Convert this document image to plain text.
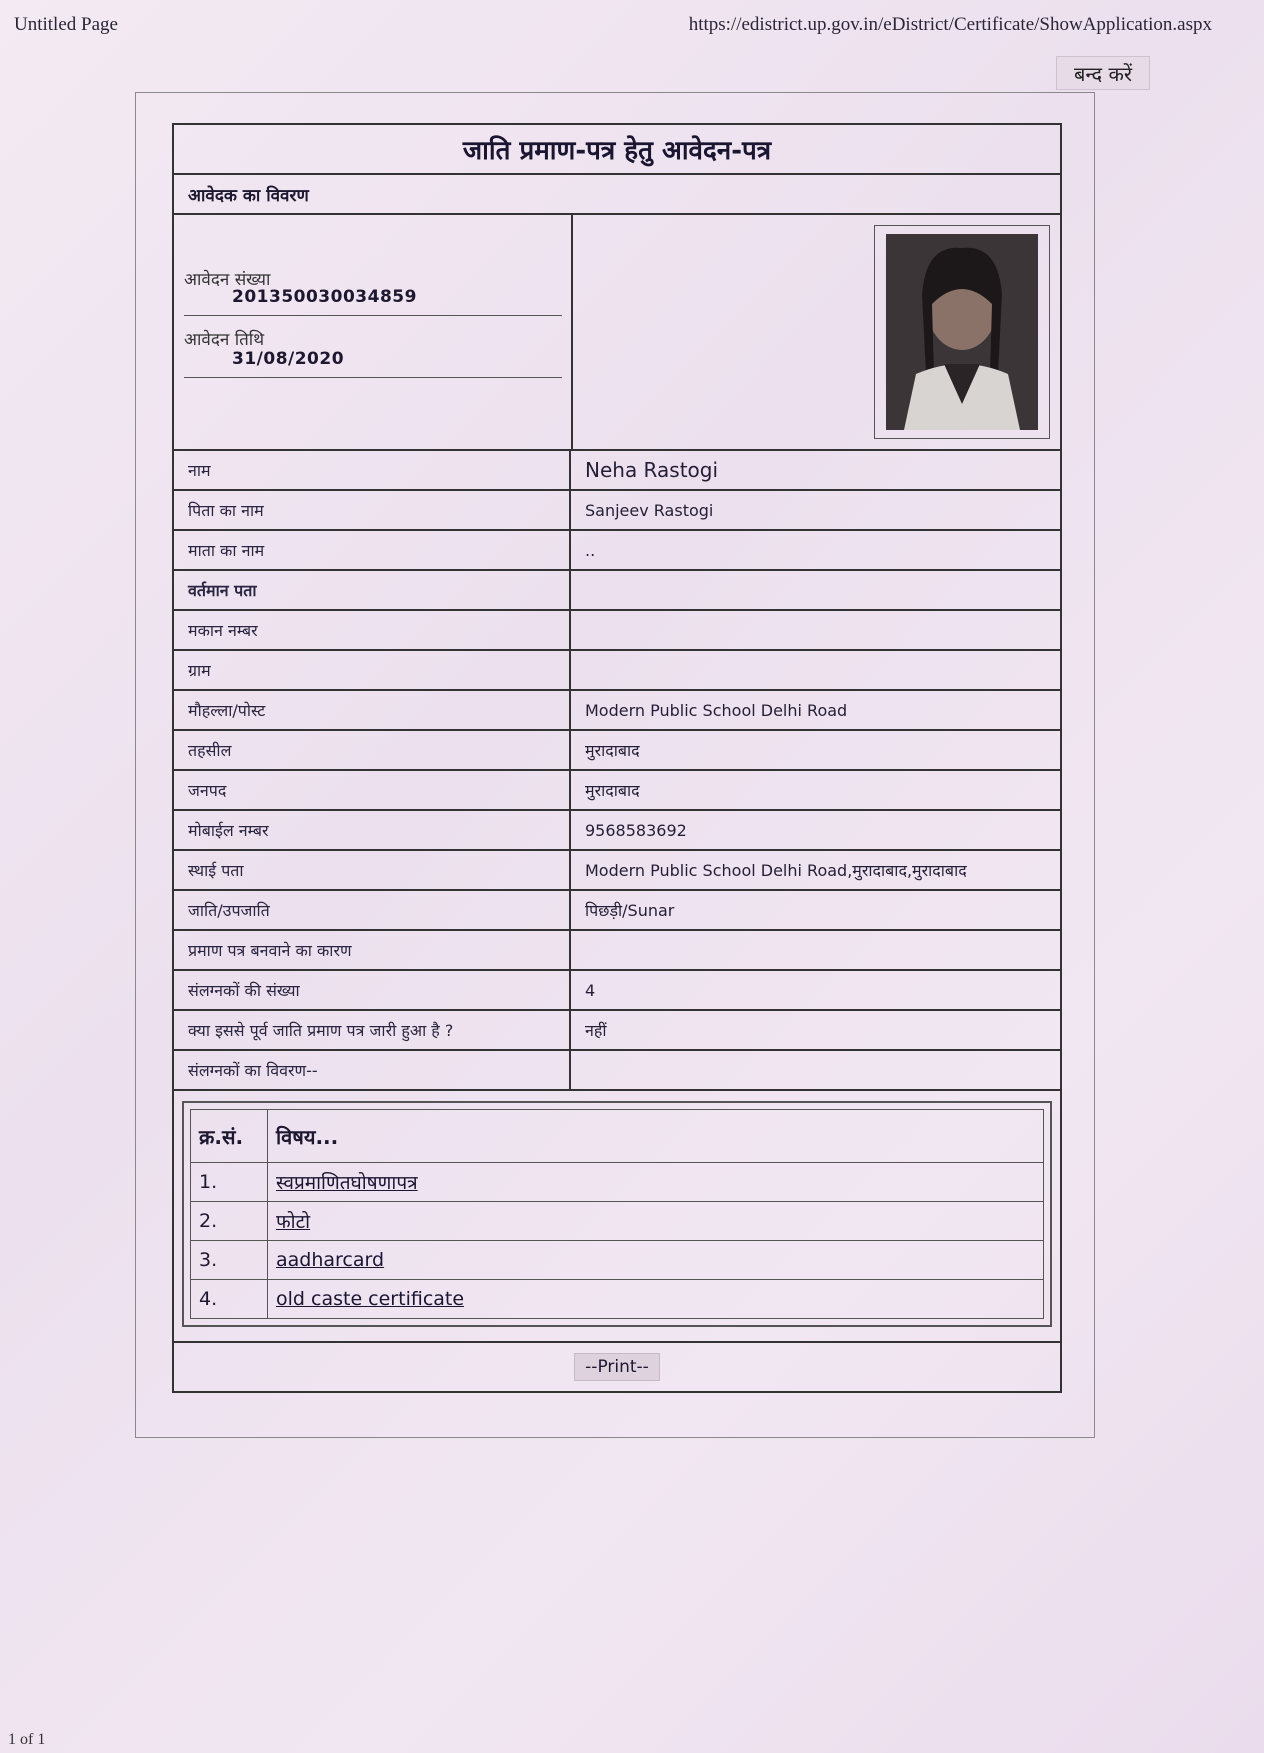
Untitled Page	https://edistrict.up.gov.in/eDistrict/Certificate/ShowApplication.aspx
बन्द करें
जाति प्रमाण-पत्र हेतु आवेदन-पत्र
आवेदक का विवरण
आवेदन संख्या
201350030034859
आवेदन तिथि
31/08/2020
नाम	Neha Rastogi
पिता का नाम	Sanjeev Rastogi
माता का नाम	..
वर्तमान पता
मकान नम्बर
ग्राम
मौहल्ला/पोस्ट	Modern Public School Delhi Road
तहसील	मुरादाबाद
जनपद	मुरादाबाद
मोबाईल नम्बर	9568583692
स्थाई पता	Modern Public School Delhi Road,मुरादाबाद,मुरादाबाद
जाति/उपजाति	पिछड़ी/Sunar
प्रमाण पत्र बनवाने का कारण
संलग्नकों की संख्या	4
क्या इससे पूर्व जाति प्रमाण पत्र जारी हुआ है ?	नहीं
संलग्नकों का विवरण--
क्र.सं.	विषय...
1.	स्वप्रमाणितघोषणापत्र
2.	फोटो
3.	aadharcard
4.	old caste certificate
--Print--
1 of 1
